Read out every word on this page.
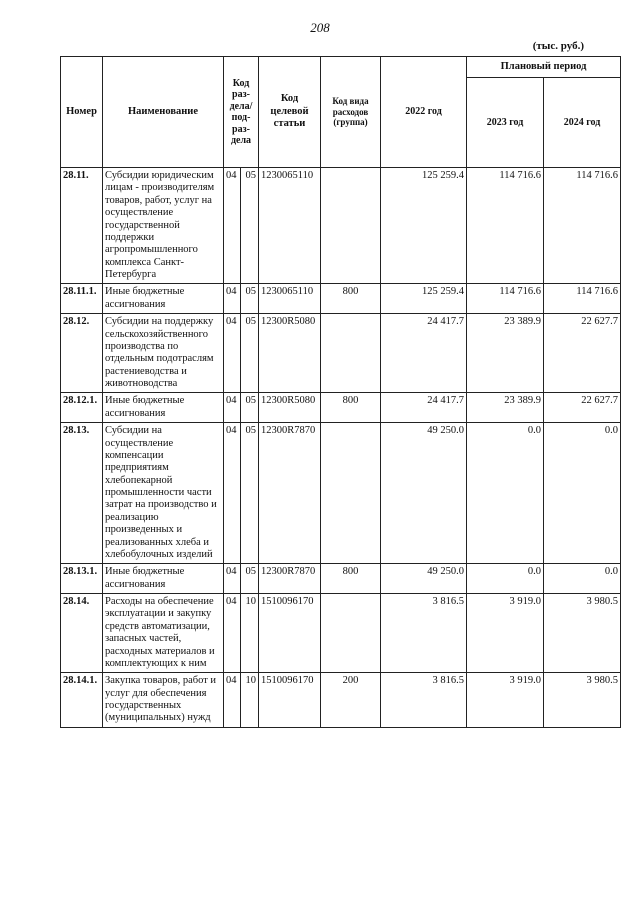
208
(тыс. руб.)
Номер	Наименование	Код раз-дела/ под-раз-дела		Код целевой статьи	Код вида расходов (группа)	2022 год	Плановый период	
							2023 год	2024 год
28.11.	Субсидии юридическим лицам - производителям товаров, работ, услуг на осуществление государственной поддержки агропромышленного комплекса Санкт-Петербурга	04	05	1230065110		125 259.4	114 716.6	114 716.6
28.11.1.	Иные бюджетные ассигнования	04	05	1230065110	800	125 259.4	114 716.6	114 716.6
28.12.	Субсидии на поддержку сельскохозяйственного производства по отдельным подотраслям растениеводства и животноводства	04	05	12300R5080		24 417.7	23 389.9	22 627.7
28.12.1.	Иные бюджетные ассигнования	04	05	12300R5080	800	24 417.7	23 389.9	22 627.7
28.13.	Субсидии на осуществление компенсации предприятиям хлебопекарной промышленности части затрат на производство и реализацию произведенных и реализованных хлеба и хлебобулочных изделий	04	05	12300R7870		49 250.0	0.0	0.0
28.13.1.	Иные бюджетные ассигнования	04	05	12300R7870	800	49 250.0	0.0	0.0
28.14.	Расходы на обеспечение эксплуатации и закупку средств автоматизации, запасных частей, расходных материалов и комплектующих к ним	04	10	1510096170		3 816.5	3 919.0	3 980.5
28.14.1.	Закупка товаров, работ и услуг для обеспечения государственных (муниципальных) нужд	04	10	1510096170	200	3 816.5	3 919.0	3 980.5
